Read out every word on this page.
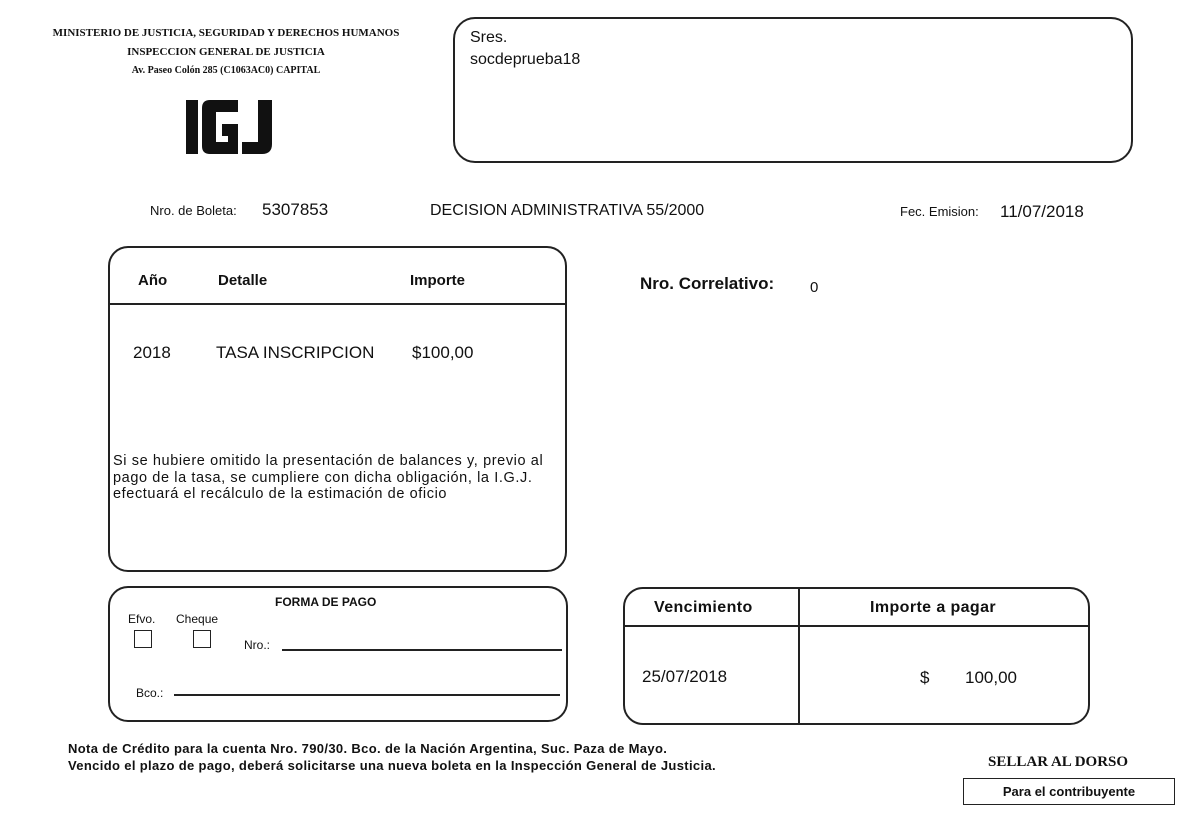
MINISTERIO DE JUSTICIA, SEGURIDAD Y DERECHOS HUMANOS
INSPECCION GENERAL DE JUSTICIA
Av. Paseo Colón 285 (C1063AC0) CAPITAL
Sres.
socdeprueba18
Nro. de Boleta: 5307853	DECISION ADMINISTRATIVA 55/2000	Fec. Emision: 11/07/2018
Año	Detalle	Importe
2018	TASA INSCRIPCION $100,00
Si se hubiere omitido la presentación de balances y, previo al pago de la tasa, se cumpliere con dicha obligación, la I.G.J. efectuará el recálculo de la estimación de oficio
Nro. Correlativo: 0
FORMA DE PAGO
Efvo. Cheque
Nro.:
Bco.:
Vencimiento	Importe a pagar
25/07/2018	$ 100,00
Nota de Crédito para la cuenta Nro. 790/30. Bco. de la Nación Argentina, Suc. Paza de Mayo.
Vencido el plazo de pago, deberá solicitarse una nueva boleta en la Inspección General de Justicia.	SELLAR AL DORSO
Para el contribuyente
